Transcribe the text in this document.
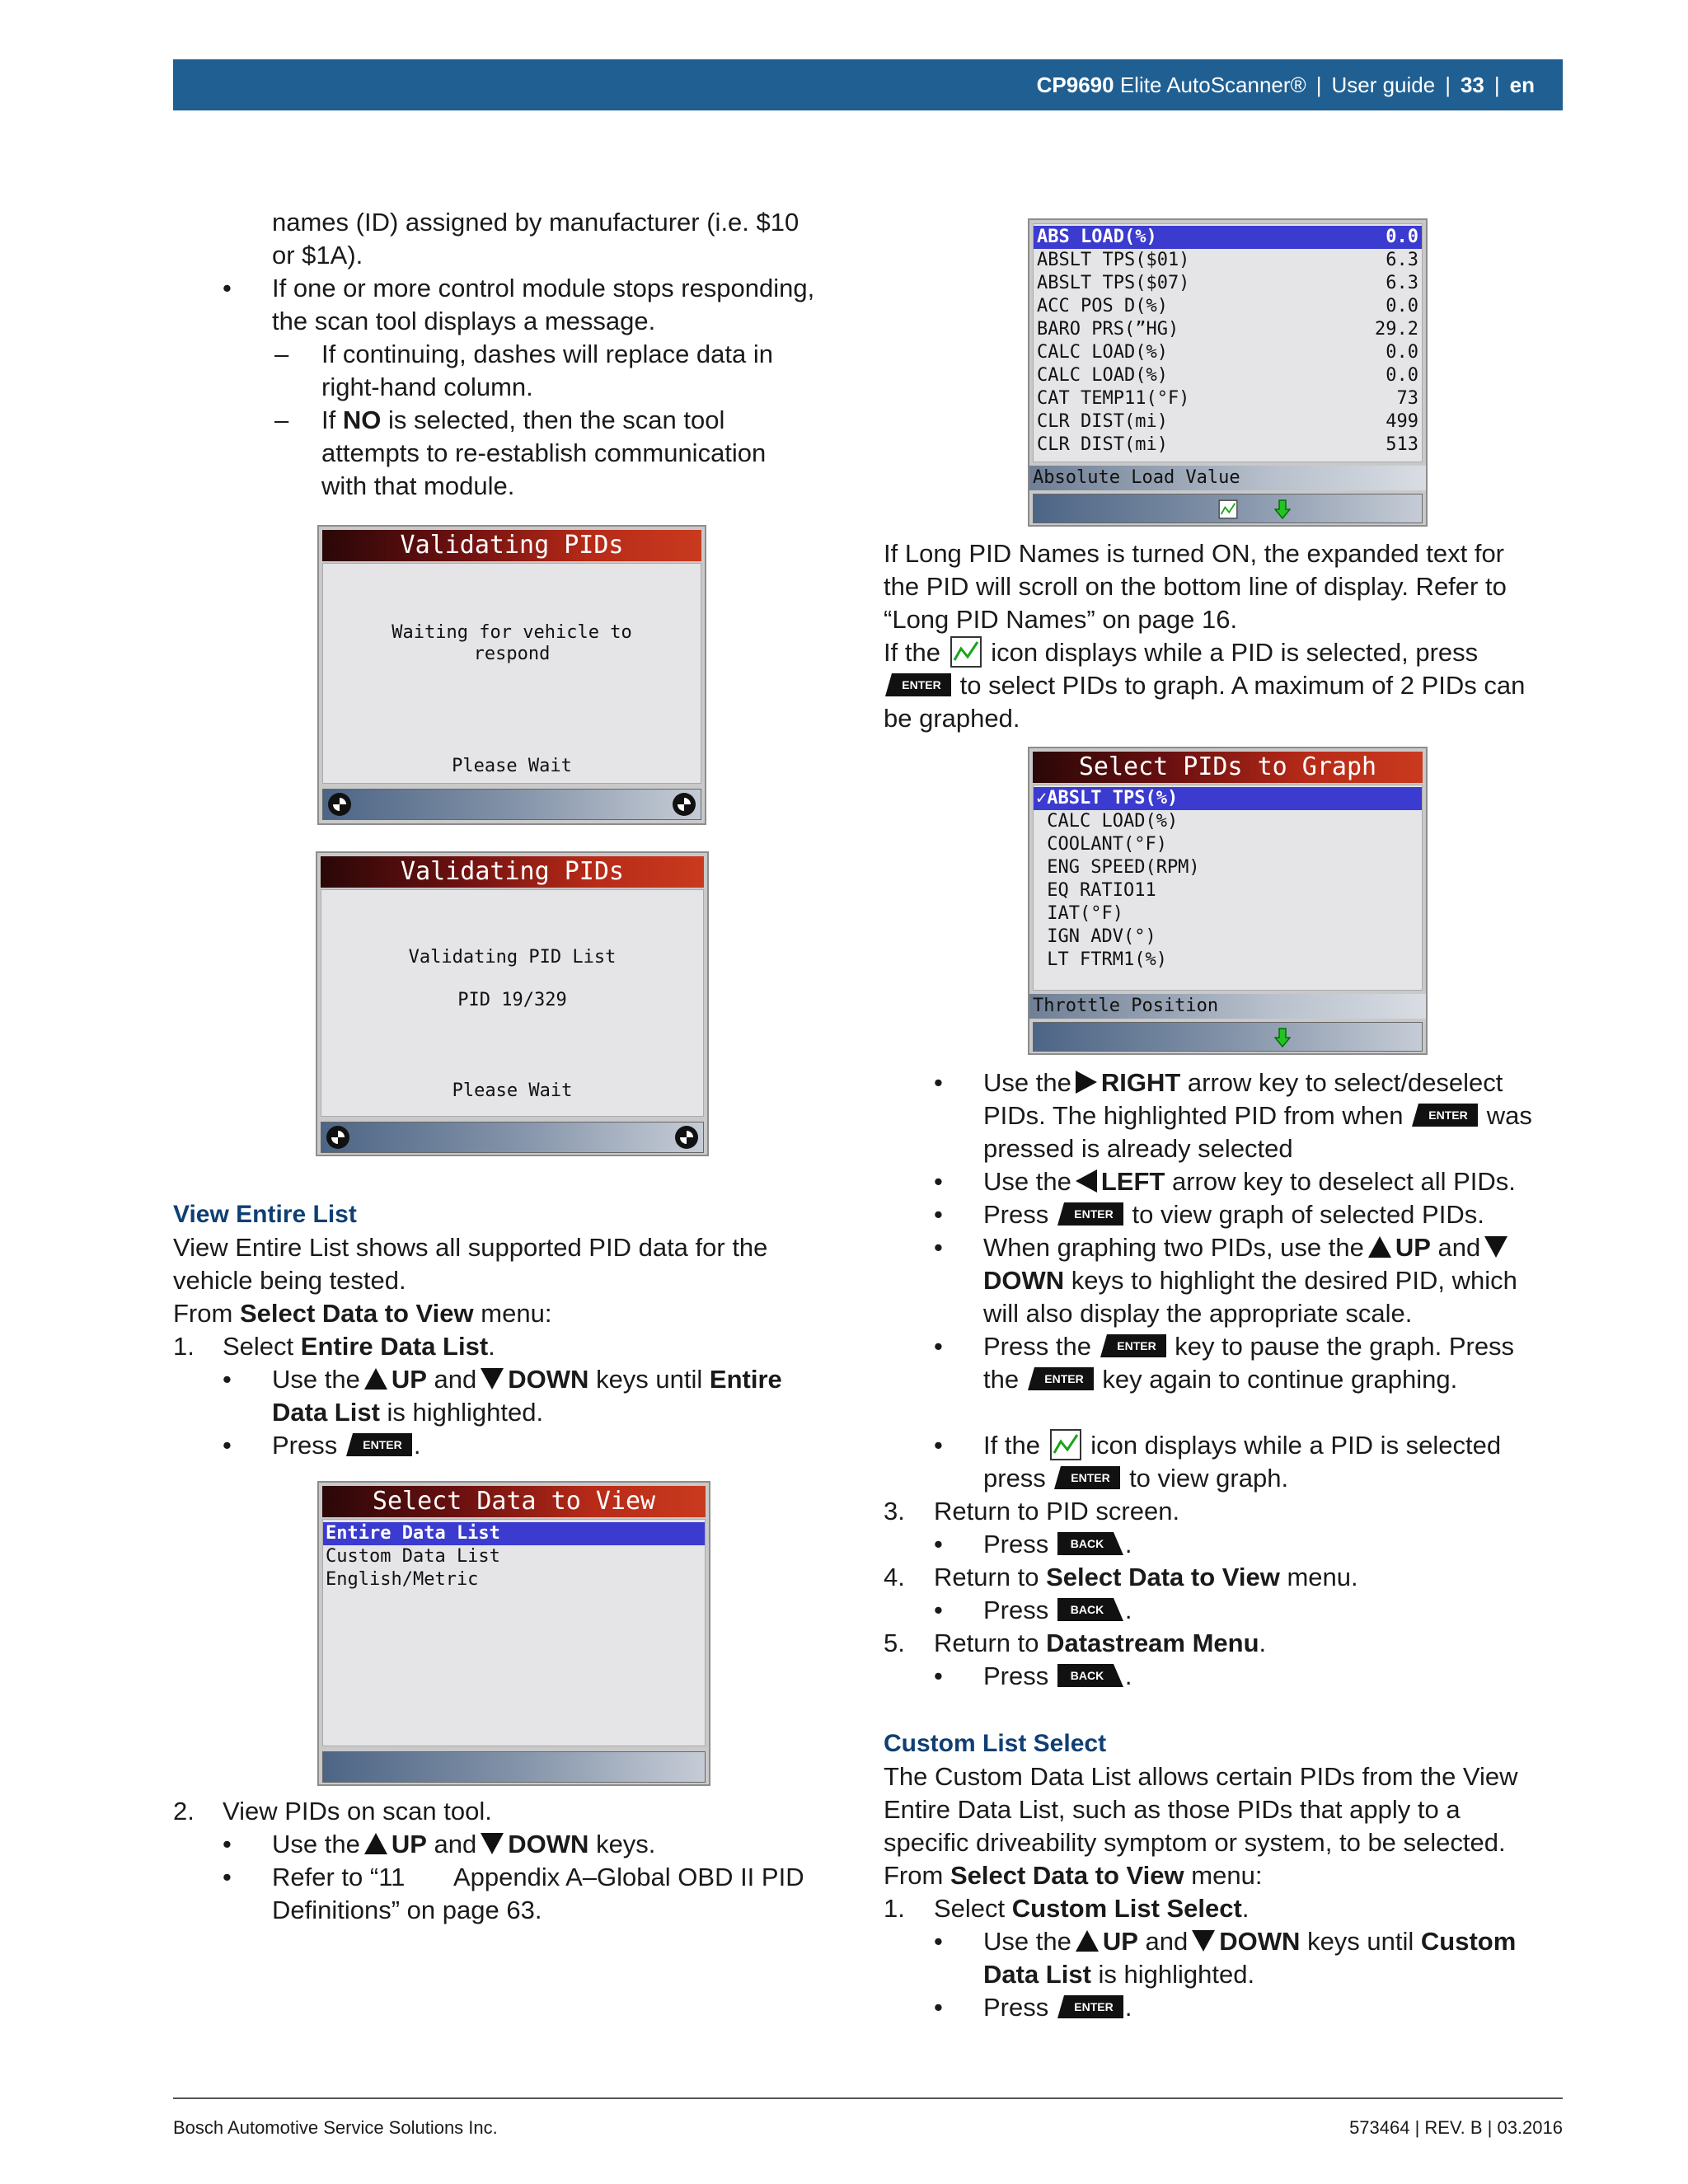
CP9690
Elite AutoScanner® | User guide | 33 | en
names (ID) assigned by manufacturer (i.e. $10
or $1A).
• If one or more control module stops responding,
the scan tool displays a message.
– If continuing, dashes will replace data in
right-hand column.
– If NO is selected, then the scan tool
attempts to re-establish communication
with that module.
Validating PIDs
Waiting for vehicle to
respond
Please Wait
Validating PIDs
Validating PID List
PID 19/329
Please Wait
View Entire List
View Entire List shows all supported PID data for the
vehicle being tested.
From Select Data to View menu:
1. Select Entire Data List.
• Use the UP and DOWN keys until Entire
Data List is highlighted.
• Press	.
Select Data to View
Entire Data List
Custom Data List
English/Metric
2. View PIDs on scan tool.
• Use the UP and DOWN keys.
• Refer to “11       Appendix A–Global OBD II PID
Definitions” on page 63.
ABS LOAD(%)	0.0
ABSLT TPS($01)	6.3
ABSLT TPS($07)	6.3
ACC POS D(%)	0.0
BARO PRS(”HG)	29.2
CALC LOAD(%)	0.0
CALC LOAD(%)	0.0
CAT TEMP11(°F)	73
CLR DIST(mi)	499
CLR DIST(mi)	513
Absolute Load Value
If Long PID Names is turned ON, the expanded text for
the PID will scroll on the bottom line of display. Refer to
“Long PID Names” on page 16.
If the icon displays while a PID is selected, press
to select PIDs to graph. A maximum of 2 PIDs can
be graphed.
Select PIDs to Graph
✓ABSLT TPS(%)
CALC LOAD(%)
COOLANT(°F)
ENG SPEED(RPM)
EQ RATIO11
IAT(°F)
IGN ADV(°)
LT FTRM1(%)
Throttle Position
• Use the RIGHT arrow key to select/deselect
PIDs. The highlighted PID from when	was
pressed is already selected
• Use the LEFT arrow key to deselect all PIDs.
• Press	to view graph of selected PIDs.
• When graphing two PIDs, use the UP and
DOWN keys to highlight the desired PID, which
will also display the appropriate scale.
• Press the	key to pause the graph. Press
the	key again to continue graphing.
• If the icon displays while a PID is selected
press	to view graph.
3. Return to PID screen.
• Press	.
4. Return to Select Data to View menu.
• Press	.
5. Return to Datastream Menu.
• Press	.
Custom List Select
The Custom Data List allows certain PIDs from the View
Entire Data List, such as those PIDs that apply to a
specific driveability symptom or system, to be selected.
From Select Data to View menu:
1. Select Custom List Select.
• Use the UP and DOWN keys until Custom
Data List is highlighted.
• Press	.
Bosch Automotive Service Solutions Inc.	573464 | REV. B | 03.2016
